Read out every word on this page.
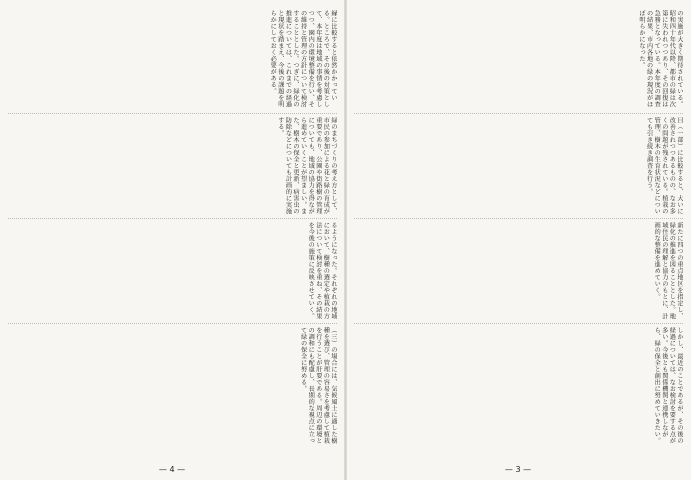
縁に比較すると依然かかっている。ところで、その後の対策として、本年度は地域の事情を考慮しつつ、園内の環境整備を行い、その維持と管理の方針について検討することとした。つぎに、緑化の推進については、これまでの経過と現状を踏まえ、今後の課題を明らかにしておく必要がある。
緑のまちづくりの考え方として、市民の参加による花と緑の育成が重要であり、公園や街路樹の管理についても、地域の協力を得ながら進めていくことが望ましい。また、樹木の保全と更新、病害虫の防除などについても計画的に実施する。
るようになった。それぞれの地域において、樹種の選定や植栽の方法について検討を重ね、その結果を今後の施策に反映させていく。
（三）の場合には、気候風土に適した樹種を選び、管理の容易さを考慮して植栽を行うことが肝要である。周辺の環境との調和にも配慮し、長期的な視点に立って緑の保全に努める。
— 4 —
の実施が大きく期待されている。昭和四十年代以降、都市の緑は次第に失われつつあり、その回復は急務となっている。本年度の調査の結果、市内各地の緑の現況がほぼ明らかになった。
目（一部）に比較すると、大いに改善されつつあるものの、なお多くの問題が残されている。植栽の管理、樹木の生育状況などについても引き続き調査を行う。
新たに四つの重点地区を指定し、緑化の推進を図ることとした。地域住民の理解と協力のもとに、計画的な整備を進めていく。
しかし、最近のことであるが、その後の経過については、なお検討を要する点が多い。今後とも関係機関と連携しながら、緑の保全と創出に努めていきたい。
— 3 —
